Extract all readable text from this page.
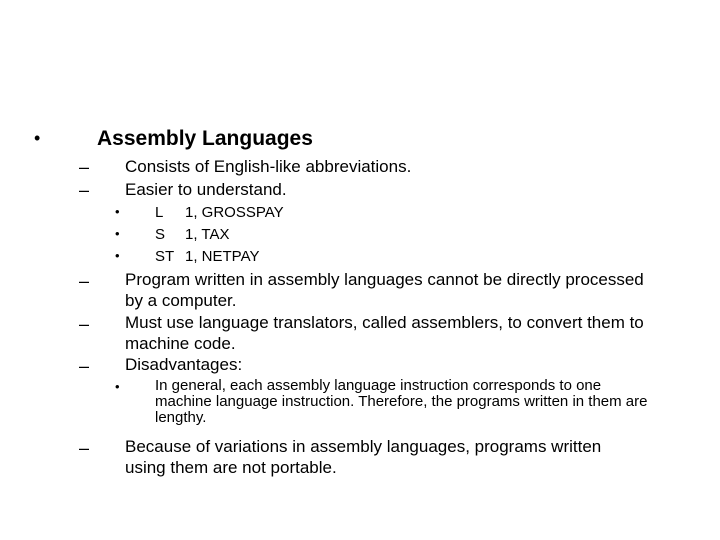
•	Assembly Languages
– Consists of English-like abbreviations.
– Easier to understand.
• L 1, GROSSPAY
• S 1, TAX
• ST 1, NETPAY
– Program written in assembly languages cannot be directly processed by a computer.
– Must use language translators, called assemblers, to convert them to machine code.
– Disadvantages:
• In general, each assembly language instruction corresponds to one machine language instruction. Therefore, the programs written in them are lengthy.
– Because of variations in assembly languages, programs written using them are not portable.
